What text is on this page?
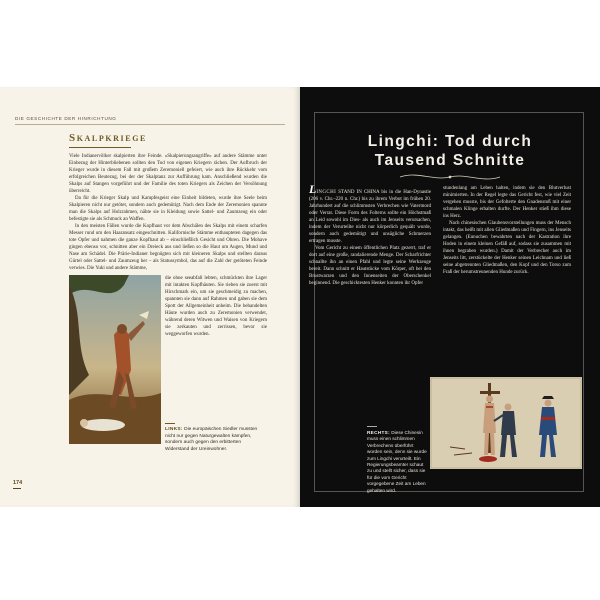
DIE GESCHICHTE DER HINRICHTUNG
Skalpkriege

Viele Indianervölker skalpierten ihre Feinde. «Skalpierungsangriffe» auf andere Stämme unter Einbezug der Hinterbliebenen sollten den Tod von eigenen Kriegern rächen. Der Aufbruch der Krieger wurde in diesem Fall mit großem Zeremoniell gefeiert, wie auch ihre Rückkehr vom erfolgreichen Beutezug, bei der der Skalptanz zur Aufführung kam. Anschließend wurden die Skalps auf Stangen vorgeführt und der Familie des toten Kriegers als Zeichen der Versöhnung überreicht.

Da für die Krieger Skalp und Kampfesgeist eine Einheit bildeten, wurde ihre Seele beim Skalpieren nicht nur getötet, sondern auch gedemütigt. Nach dem Ende der Zeremonien spannte man die Skalps auf Holzrahmen, nähte sie in Kleidung sowie Sattel- und Zaumzeug ein oder befestigte sie als Schmuck an Waffen.

In den meisten Fällen wurde die Kopfhaut vor dem Abschälen des Skalps mit einem scharfen Messer rund um den Haaransatz eingeschnitten. Kalifornische Stämme enthaupteten dagegen das tote Opfer und nahmen die ganze Kopfhaut ab – einschließlich Gesicht und Ohren. Die Mohave gingen ebenso vor, schnitten aber ein Dreieck aus und ließen so die Haut um Augen, Mund und Nase am Schädel. Die Prärie-Indianer begnügten sich mit kleineren Skalps und stellten daraus Gürtel oder Sattel- und Zaumzeug her – als Statussymbol, das auf die Zahl der getöteten Feinde verwies. Die Yuki und andere Stämme,

die ohne seeabfall lebten, schmückten ihre Lager mit intakten Kopfhäuten. Sie rieben sie zuerst mit Hirschmark ein, um sie geschmeidig zu machen, spannten sie dann auf Rahmen und gaben sie dem Spott der Allgemeinheit anheim. Die behandelten Häute wurden auch zu Zeremonien verwendet, während deren Witwen und Waisen von Kriegern sie zerkauten und zerrissen, bevor sie weggeworfen wurden.
LINKS: Die europäischen Siedler mussten nicht nur gegen Naturgewalten kämpfen, sondern auch gegen den erbitterten Widerstand der Ureinwohner.
174
Lingchi: Tod durch
Tausend Schnitte

LINGCHI STAND IN CHINA bis in die Han-Dynastie (206 v. Chr.–220 n. Chr.) bis zu ihrem Verbot im frühen 20. Jahrhundert auf die schlimmsten Verbrechen wie Vatermord oder Verrat. Diese Form des Folterns sollte ein Höchstmaß an Leid sowohl im Dies- als auch im Jenseits verursachen, indem der Verurteilte nicht nur körperlich gequält wurde, sondern auch gedemütigt und unsägliche Schmerzen ertragen musste.

Vom Gericht zu einem öffentlichen Platz gezerrt, traf er dort auf eine große, randalierende Menge. Der Scharfrichter schnallte ihn an einen Pfahl und legte seine Werkzeuge bereit. Dann schnitt er Hautstücke vom Körper, oft bei den Brustwarzen und den Innenseiten der Oberschenkel beginnend. Die geschicktesten Henker konnten ihr Opfer

stundenlang am Leben halten, indem sie den Blutverlust minimierten. In der Regel legte das Gericht fest, wie viel Zeit vergehen musste, bis der Gefolterte den Gnadenstoß mit einer schmalen Klinge erhalten durfte. Der Henker stieß ihm diese ins Herz.

Nach chinesischen Glaubensvorstellungen muss der Mensch intakt, das heißt mit allen Gliedmaßen und Fingern, ins Jenseits gelangen. (Eunuchen bewahrten nach der Kastration ihre Hoden in einem kleinen Gefäß auf, sodass sie zusammen mit ihnen begraben wurden.) Damit der Verbrecher auch im Jenseits litt, zerstückelte der Henker seinen Leichnam und ließ seine abgetrennten Gliedmaßen, den Kopf und den Torso zum Fraß der herumstreunenden Hunde zurück.

RECHTS: Diese Chinesin muss einen schlimmen Verbrechens überführt worden sein, denn sie wurde zum Lingchi verurteilt. Ein Regierungsbeamter schaut zu und stellt sicher, dass sie für die vom Gericht vorgegebene Zeit am Leben gehalten wird.
